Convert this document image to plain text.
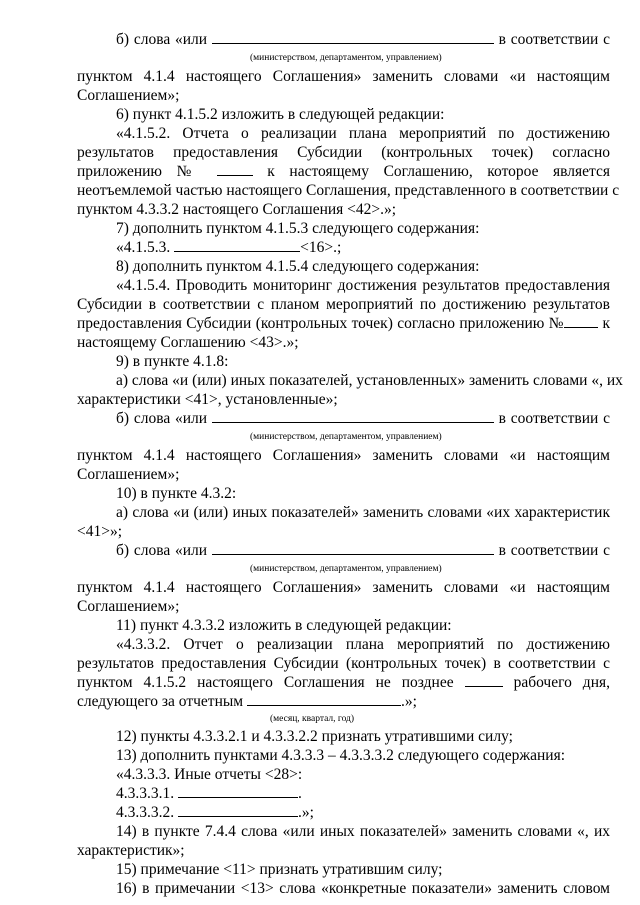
б) слова «или	в соответствии с
(министерством, департаментом, управлением)
пунктом 4.1.4 настоящего Соглашения» заменить словами «и настоящим
Соглашением»;
6) пункт 4.1.5.2 изложить в следующей редакции:
«4.1.5.2. Отчета о реализации плана мероприятий по достижению
результатов предоставления Субсидии (контрольных точек) согласно
приложению №	к настоящему Соглашению, которое является
неотъемлемой частью настоящего Соглашения, представленного в соответствии с
пунктом 4.3.3.2 настоящего Соглашения <42>.»;
7) дополнить пунктом 4.1.5.3 следующего содержания:
«4.1.5.3.	<16>.;
8) дополнить пунктом 4.1.5.4 следующего содержания:
«4.1.5.4. Проводить мониторинг достижения результатов предоставления
Субсидии в соответствии с планом мероприятий по достижению результатов
предоставления Субсидии (контрольных точек) согласно приложению № к
настоящему Соглашению <43>.»;
9) в пункте 4.1.8:
а) слова «и (или) иных показателей, установленных» заменить словами «, их
характеристики <41>, установленные»;
б) слова «или	в соответствии с
(министерством, департаментом, управлением)
пунктом 4.1.4 настоящего Соглашения» заменить словами «и настоящим
Соглашением»;
10) в пункте 4.3.2:
а) слова «и (или) иных показателей» заменить словами «их характеристик
<41>»;
б) слова «или	в соответствии с
(министерством, департаментом, управлением)
пунктом 4.1.4 настоящего Соглашения» заменить словами «и настоящим
Соглашением»;
11) пункт 4.3.3.2 изложить в следующей редакции:
«4.3.3.2. Отчет о реализации плана мероприятий по достижению
результатов предоставления Субсидии (контрольных точек) в соответствии с
пунктом 4.1.5.2 настоящего Соглашения не позднее	рабочего дня,
следующего за отчетным	.»;
(месяц, квартал, год)
12) пункты 4.3.3.2.1 и 4.3.3.2.2 признать утратившими силу;
13) дополнить пунктами 4.3.3.3 – 4.3.3.3.2 следующего содержания:
«4.3.3.3. Иные отчеты <28>:
4.3.3.3.1.	.
4.3.3.3.2.	.»;
14) в пункте 7.4.4 слова «или иных показателей» заменить словами «, их
характеристик»;
15) примечание <11> признать утратившим силу;
16) в примечании <13> слова «конкретные показатели» заменить словом
